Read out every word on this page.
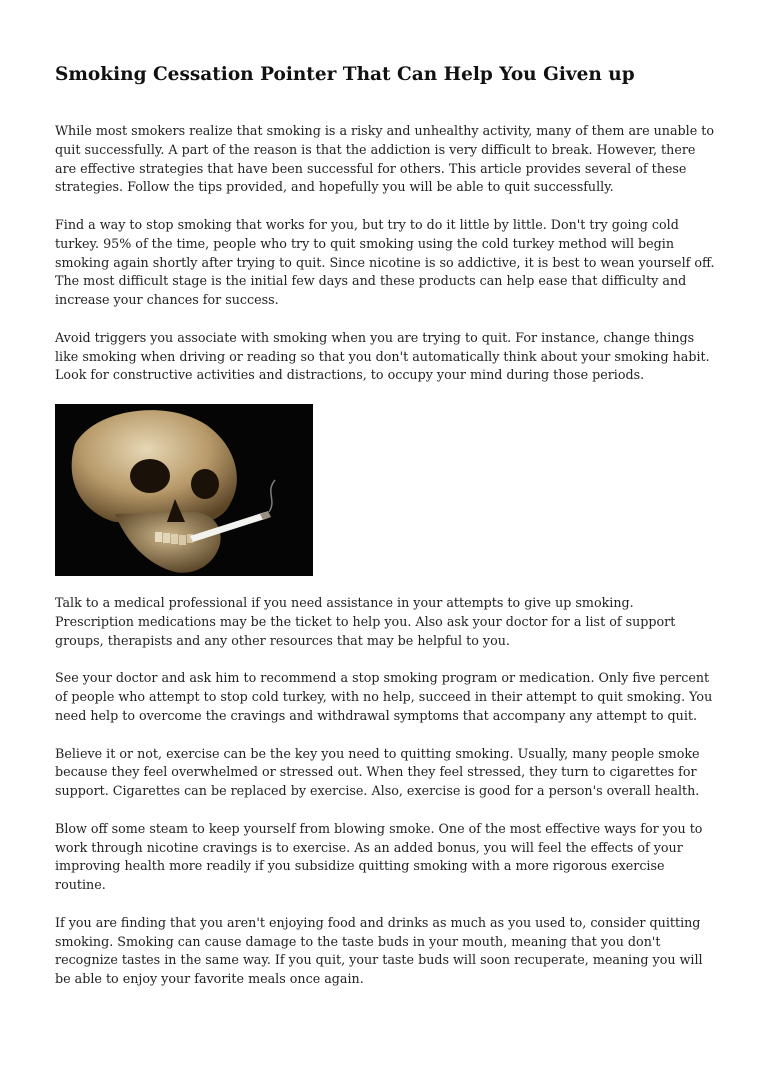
Smoking Cessation Pointer That Can Help You Given up

While most smokers realize that smoking is a risky and unhealthy activity, many of them are unable to quit successfully. A part of the reason is that the addiction is very difficult to break. However, there are effective strategies that have been successful for others. This article provides several of these strategies. Follow the tips provided, and hopefully you will be able to quit successfully.

Find a way to stop smoking that works for you, but try to do it little by little. Don't try going cold turkey. 95% of the time, people who try to quit smoking using the cold turkey method will begin smoking again shortly after trying to quit. Since nicotine is so addictive, it is best to wean yourself off. The most difficult stage is the initial few days and these products can help ease that difficulty and increase your chances for success.

Avoid triggers you associate with smoking when you are trying to quit. For instance, change things like smoking when driving or reading so that you don't automatically think about your smoking habit. Look for constructive activities and distractions, to occupy your mind during those periods.

Talk to a medical professional if you need assistance in your attempts to give up smoking. Prescription medications may be the ticket to help you. Also ask your doctor for a list of support groups, therapists and any other resources that may be helpful to you.

See your doctor and ask him to recommend a stop smoking program or medication. Only five percent of people who attempt to stop cold turkey, with no help, succeed in their attempt to quit smoking. You need help to overcome the cravings and withdrawal symptoms that accompany any attempt to quit.

Believe it or not, exercise can be the key you need to quitting smoking. Usually, many people smoke because they feel overwhelmed or stressed out. When they feel stressed, they turn to cigarettes for support. Cigarettes can be replaced by exercise. Also, exercise is good for a person's overall health.

Blow off some steam to keep yourself from blowing smoke. One of the most effective ways for you to work through nicotine cravings is to exercise. As an added bonus, you will feel the effects of your improving health more readily if you subsidize quitting smoking with a more rigorous exercise routine.

If you are finding that you aren't enjoying food and drinks as much as you used to, consider quitting smoking. Smoking can cause damage to the taste buds in your mouth, meaning that you don't recognize tastes in the same way. If you quit, your taste buds will soon recuperate, meaning you will be able to enjoy your favorite meals once again.
